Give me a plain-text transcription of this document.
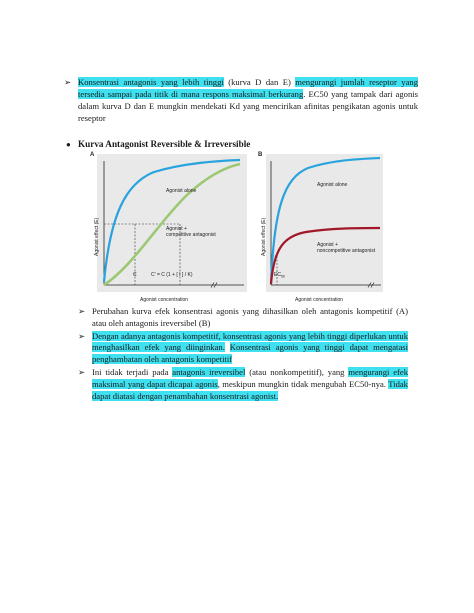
➢ Konsentrasi antagonis yang lebih tinggi (kurva D dan E) mengurangi jumlah reseptor yang tersedia sampai pada titik di mana respons maksimal berkurang. EC50 yang tampak dari agonis dalam kurva D dan E mungkin mendekati Kd yang mencirikan afinitas pengikatan agonis untuk reseptor
● Kurva Antagonist Reversible & Irreversible
A
Agonist effect (E)
Agonist alone
Agonist +
competitive antagonist
C	C' = C (1 + [ I ] / K)
Agonist concentration
B
Agonist effect (E)
Agonist alone
Agonist +
noncompetitive antagonist
$EC_{50}$
Agonist concentration
➢ Perubahan kurva efek konsentrasi agonis yang dihasilkan oleh antagonis kompetitif (A) atau oleh antagonis ireversibel (B)
➢ Dengan adanya antagonis kompetitif, konsentrasi agonis yang lebih tinggi diperlukan untuk menghasilkan efek yang diinginkan. Konsentrasi agonis yang tinggi dapat mengatasi penghambatan oleh antagonis kompetitif
➢ Ini tidak terjadi pada antagonis ireversibel (atau nonkompetitif), yang mengurangi efek maksimal yang dapat dicapai agonis, meskipun mungkin tidak mengubah EC50-nya. Tidak dapat diatasi dengan penambahan konsentrasi agonist.
